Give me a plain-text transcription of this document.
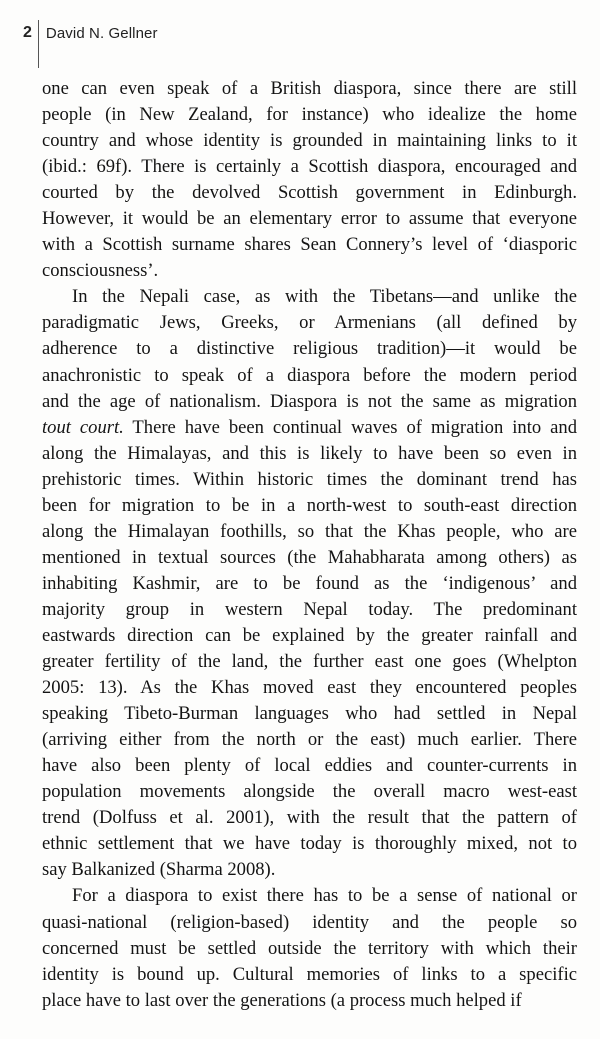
2 David N. Gellner
one can even speak of a British diaspora, since there are still
people (in New Zealand, for instance) who idealize the home
country and whose identity is grounded in maintaining links to it
(ibid.: 69f). There is certainly a Scottish diaspora, encouraged and
courted by the devolved Scottish government in Edinburgh.
However, it would be an elementary error to assume that everyone
with a Scottish surname shares Sean Connery’s level of ‘diasporic
consciousness’.
In the Nepali case, as with the Tibetans—and unlike the
paradigmatic Jews, Greeks, or Armenians (all defined by
adherence to a distinctive religious tradition)—it would be
anachronistic to speak of a diaspora before the modern period
and the age of nationalism. Diaspora is not the same as migration
tout court. There have been continual waves of migration into and
along the Himalayas, and this is likely to have been so even in
prehistoric times. Within historic times the dominant trend has
been for migration to be in a north-west to south-east direction
along the Himalayan foothills, so that the Khas people, who are
mentioned in textual sources (the Mahabharata among others) as
inhabiting Kashmir, are to be found as the ‘indigenous’ and
majority group in western Nepal today. The predominant
eastwards direction can be explained by the greater rainfall and
greater fertility of the land, the further east one goes (Whelpton
2005: 13). As the Khas moved east they encountered peoples
speaking Tibeto-Burman languages who had settled in Nepal
(arriving either from the north or the east) much earlier. There
have also been plenty of local eddies and counter-currents in
population movements alongside the overall macro west-east
trend (Dolfuss et al. 2001), with the result that the pattern of
ethnic settlement that we have today is thoroughly mixed, not to
say Balkanized (Sharma 2008).
For a diaspora to exist there has to be a sense of national or
quasi-national (religion-based) identity and the people so
concerned must be settled outside the territory with which their
identity is bound up. Cultural memories of links to a specific
place have to last over the generations (a process much helped if
